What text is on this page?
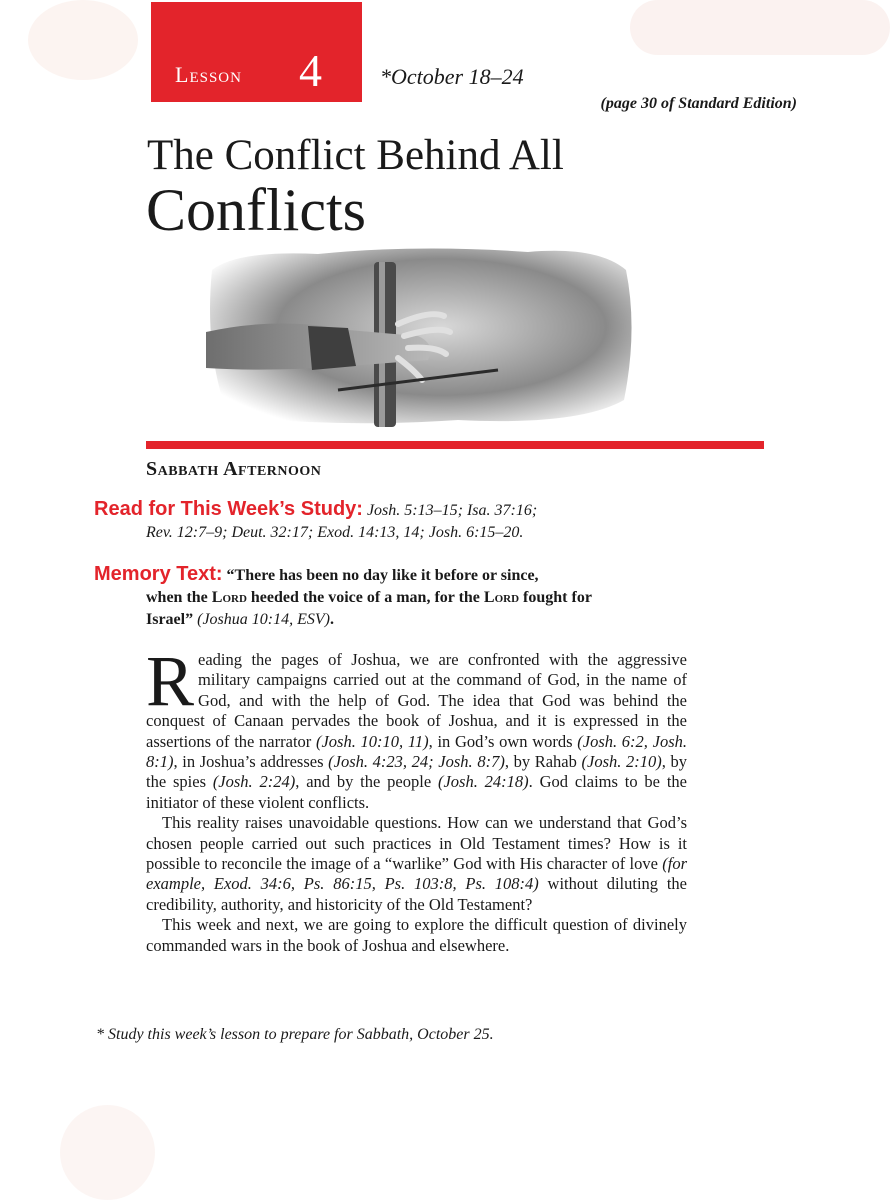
Lesson 4	*October 18–24
(page 30 of Standard Edition)
The Conflict Behind All
Conflicts
Sabbath Afternoon
Read for This Week’s Study: Josh. 5:13–15; Isa. 37:16;
Rev. 12:7–9; Deut. 32:17; Exod. 14:13, 14; Josh. 6:15–20.
Memory Text: “There has been no day like it before or since,
when the Lord heeded the voice of a man, for the Lord fought for
Israel” (Joshua 10:14, ESV).

Reading the pages of Joshua, we are confronted with the aggressive military campaigns carried out at the command of God, in the name of God, and with the help of God. The idea that God was behind the conquest of Canaan pervades the book of Joshua, and it is expressed in the assertions of the narrator (Josh. 10:10, 11), in God’s own words (Josh. 6:2, Josh. 8:1), in Joshua’s addresses (Josh. 4:23, 24; Josh. 8:7), by Rahab (Josh. 2:10), by the spies (Josh. 2:24), and by the people (Josh. 24:18). God claims to be the initiator of these violent conflicts.

This reality raises unavoidable questions. How can we understand that God’s chosen people carried out such practices in Old Testament times? How is it possible to reconcile the image of a “warlike” God with His character of love (for example, Exod. 34:6, Ps. 86:15, Ps. 103:8, Ps. 108:4) without diluting the credibility, authority, and historicity of the Old Testament?

This week and next, we are going to explore the difficult question of divinely commanded wars in the book of Joshua and elsewhere.

* Study this week’s lesson to prepare for Sabbath, October 25.
